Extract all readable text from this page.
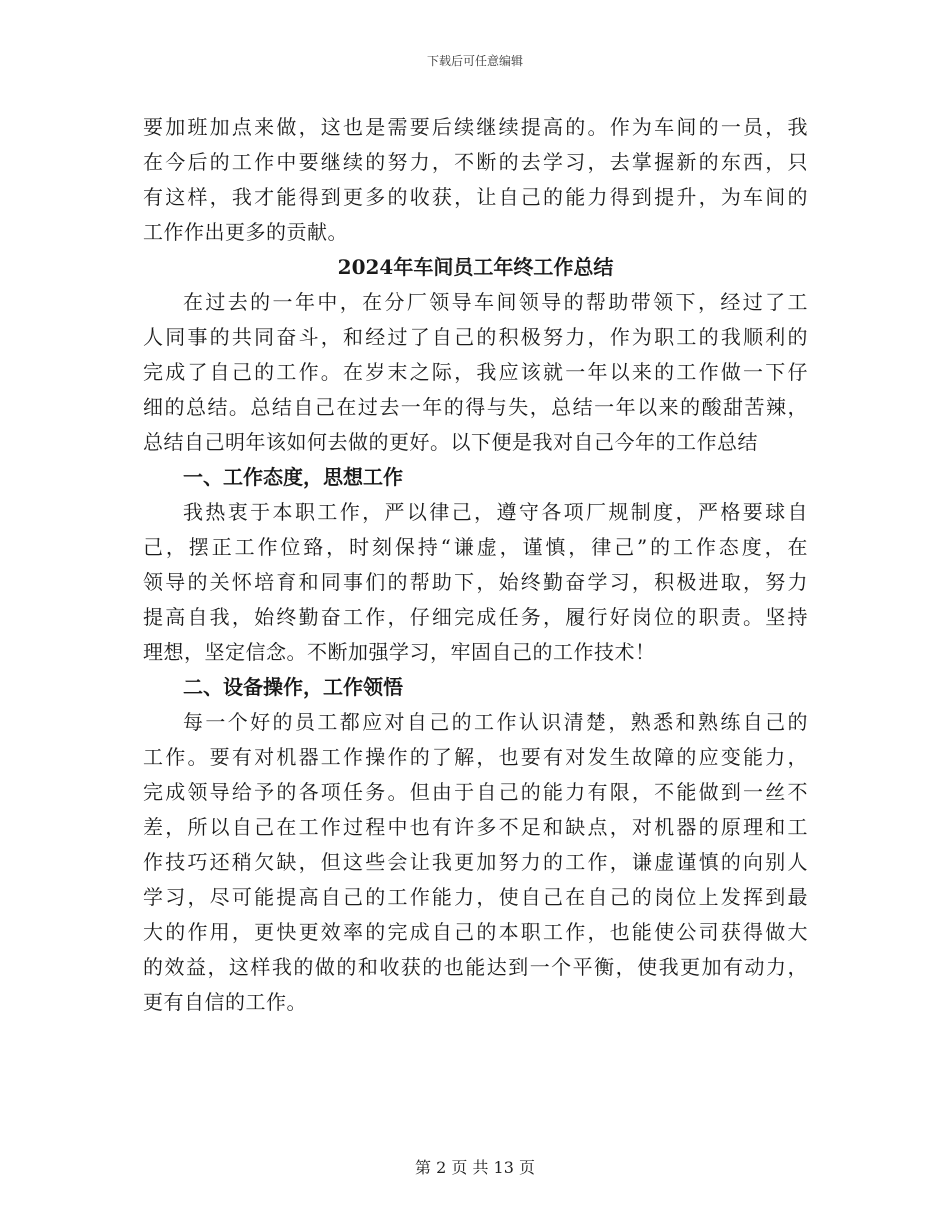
下载后可任意编辑
要加班加点来做，这也是需要后续继续提高的。作为车间的一员，我
在今后的工作中要继续的努力，不断的去学习，去掌握新的东西，只
有这样，我才能得到更多的收获，让自己的能力得到提升，为车间的
工作作出更多的贡献。
2024年车间员工年终工作总结
在过去的一年中，在分厂领导车间领导的帮助带领下，经过了工
人同事的共同奋斗，和经过了自己的积极努力，作为职工的我顺利的
完成了自己的工作。在岁末之际，我应该就一年以来的工作做一下仔
细的总结。总结自己在过去一年的得与失，总结一年以来的酸甜苦辣，
总结自己明年该如何去做的更好。以下便是我对自己今年的工作总结
一、工作态度，思想工作
我热衷于本职工作，严以律己，遵守各项厂规制度，严格要球自
己，摆正工作位臵，时刻保持“谦虚，谨慎，律己”的工作态度，在
领导的关怀培育和同事们的帮助下，始终勤奋学习，积极进取，努力
提高自我，始终勤奋工作，仔细完成任务，履行好岗位的职责。坚持
理想，坚定信念。不断加强学习，牢固自己的工作技术！
二、设备操作，工作领悟
每一个好的员工都应对自己的工作认识清楚，熟悉和熟练自己的
工作。要有对机器工作操作的了解，也要有对发生故障的应变能力，
完成领导给予的各项任务。但由于自己的能力有限，不能做到一丝不
差，所以自己在工作过程中也有许多不足和缺点，对机器的原理和工
作技巧还稍欠缺，但这些会让我更加努力的工作，谦虚谨慎的向别人
学习，尽可能提高自己的工作能力，使自己在自己的岗位上发挥到最
大的作用，更快更效率的完成自己的本职工作，也能使公司获得做大
的效益，这样我的做的和收获的也能达到一个平衡，使我更加有动力，
更有自信的工作。
第 2 页 共 13 页
